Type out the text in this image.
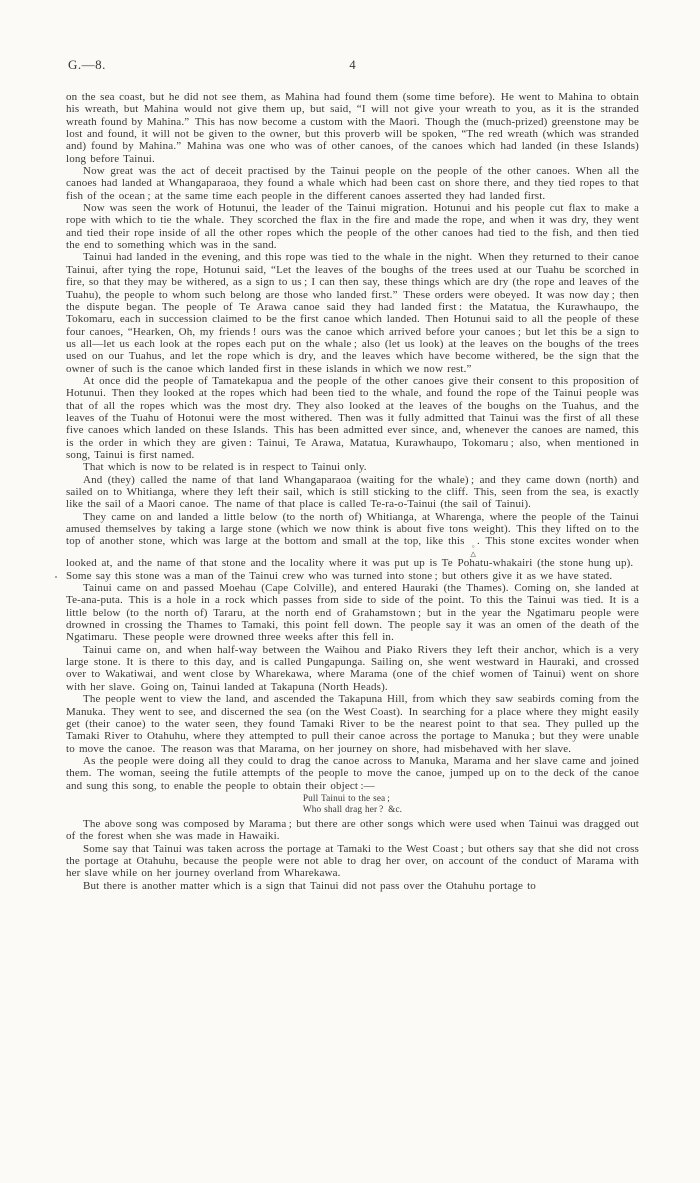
G.—8.	4

on the sea coast, but he did not see them, as Mahina had found them (some time before). He went to Mahina to obtain his wreath, but Mahina would not give them up, but said, “I will not give your wreath to you, as it is the stranded wreath found by Mahina.” This has now become a custom with the Maori. Though the (much-prized) greenstone may be lost and found, it will not be given to the owner, but this proverb will be spoken, “The red wreath (which was stranded and) found by Mahina.” Mahina was one who was of other canoes, of the canoes which had landed (in these Islands) long before Tainui.

Now great was the act of deceit practised by the Tainui people on the people of the other canoes. When all the canoes had landed at Whangaparaoa, they found a whale which had been cast on shore there, and they tied ropes to that fish of the ocean ; at the same time each people in the different canoes asserted they had landed first.

Now was seen the work of Hotunui, the leader of the Tainui migration. Hotunui and his people cut flax to make a rope with which to tie the whale. They scorched the flax in the fire and made the rope, and when it was dry, they went and tied their rope inside of all the other ropes which the people of the other canoes had tied to the fish, and then tied the end to something which was in the sand.

Tainui had landed in the evening, and this rope was tied to the whale in the night. When they returned to their canoe Tainui, after tying the rope, Hotunui said, “Let the leaves of the boughs of the trees used at our Tuahu be scorched in fire, so that they may be withered, as a sign to us ; I can then say, these things which are dry (the rope and leaves of the Tuahu), the people to whom such belong are those who landed first.” These orders were obeyed. It was now day ; then the dispute began. The people of Te Arawa canoe said they had landed first : the Matatua, the Kurawhaupo, the Tokomaru, each in succession claimed to be the first canoe which landed. Then Hotunui said to all the people of these four canoes, “Hearken, Oh, my friends ! ours was the canoe which arrived before your canoes ; but let this be a sign to us all—let us each look at the ropes each put on the whale ; also (let us look) at the leaves on the boughs of the trees used on our Tuahus, and let the rope which is dry, and the leaves which have become withered, be the sign that the owner of such is the canoe which landed first in these islands in which we now rest.”

At once did the people of Tamatekapua and the people of the other canoes give their consent to this proposition of Hotunui. Then they looked at the ropes which had been tied to the whale, and found the rope of the Tainui people was that of all the ropes which was the most dry. They also looked at the leaves of the boughs on the Tuahus, and the leaves of the Tuahu of Hotonui were the most withered. Then was it fully admitted that Tainui was the first of all these five canoes which landed on these Islands. This has been admitted ever since, and, whenever the canoes are named, this is the order in which they are given : Tainui, Te Arawa, Matatua, Kurawhaupo, Tokomaru ; also, when mentioned in song, Tainui is first named.

That which is now to be related is in respect to Tainui only.

And (they) called the name of that land Whangaparaoa (waiting for the whale) ; and they came down (north) and sailed on to Whitianga, where they left their sail, which is still sticking to the cliff. This, seen from the sea, is exactly like the sail of a Maori canoe. The name of that place is called Te-ra-o-Tainui (the sail of Tainui).

They came on and landed a little below (to the north of) Whitianga, at Wharenga, where the people of the Tainui amused themselves by taking a large stone (which we now think is about five tons weight). This they lifted on to the top of another stone, which was large at the bottom and small at the top, like this
○
△
. This stone excites wonder when looked at, and the name of that stone and the locality where it was put up is Te Pohatu-whakairi (the stone hung up). Some say this stone was a man of the Tainui crew who was turned into stone ; but others give it as we have stated.

Tainui came on and passed Moehau (Cape Colville), and entered Hauraki (the Thames). Coming on, she landed at Te-ana-puta. This is a hole in a rock which passes from side to side of the point. To this the Tainui was tied. It is a little below (to the north of) Tararu, at the north end of Grahamstown ; but in the year the Ngatimaru people were drowned in crossing the Thames to Tamaki, this point fell down. The people say it was an omen of the death of the Ngatimaru. These people were drowned three weeks after this fell in.

Tainui came on, and when half-way between the Waihou and Piako Rivers they left their anchor, which is a very large stone. It is there to this day, and is called Pungapunga. Sailing on, she went westward in Hauraki, and crossed over to Wakatiwai, and went close by Wharekawa, where Marama (one of the chief women of Tainui) went on shore with her slave. Going on, Tainui landed at Takapuna (North Heads).

The people went to view the land, and ascended the Takapuna Hill, from which they saw seabirds coming from the Manuka. They went to see, and discerned the sea (on the West Coast). In searching for a place where they might easily get (their canoe) to the water seen, they found Tamaki River to be the nearest point to that sea. They pulled up the Tamaki River to Otahuhu, where they attempted to pull their canoe across the portage to Manuka ; but they were unable to move the canoe. The reason was that Marama, on her journey on shore, had misbehaved with her slave.

As the people were doing all they could to drag the canoe across to Manuka, Marama and her slave came and joined them. The woman, seeing the futile attempts of the people to move the canoe, jumped up on to the deck of the canoe and sung this song, to enable the people to obtain their object :—

Pull Tainui to the sea ;
Who shall drag her ? &c.

The above song was composed by Marama ; but there are other songs which were used when Tainui was dragged out of the forest when she was made in Hawaiki.

Some say that Tainui was taken across the portage at Tamaki to the West Coast ; but others say that she did not cross the portage at Otahuhu, because the people were not able to drag her over, on account of the conduct of Marama with her slave while on her journey overland from Wharekawa.

But there is another matter which is a sign that Tainui did not pass over the Otahuhu portage to
